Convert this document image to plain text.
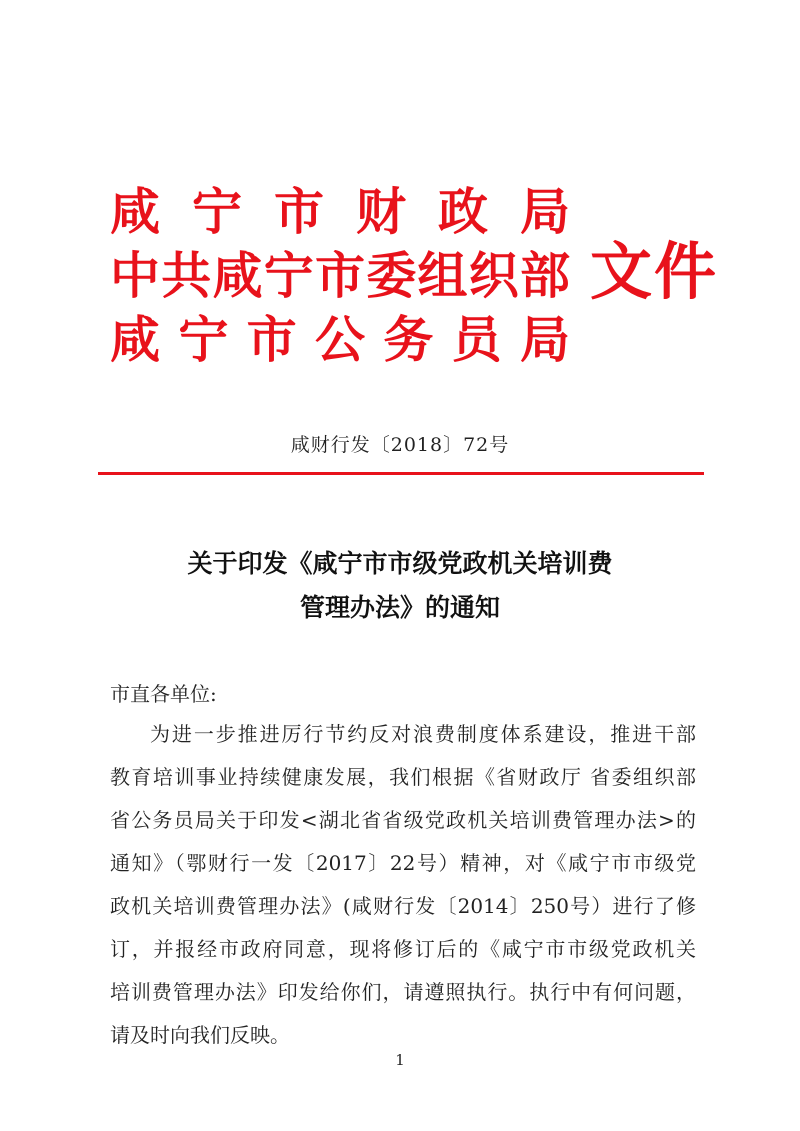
咸宁市财政局
中共咸宁市委组织部
咸宁市公务员局
文件
咸财行发〔2018〕72号
关于印发《咸宁市市级党政机关培训费
管理办法》的通知
市直各单位:
为进一步推进厉行节约反对浪费制度体系建设，推进干部
教育培训事业持续健康发展，我们根据《省财政厅 省委组织部
省公务员局关于印发<湖北省省级党政机关培训费管理办法>的
通知》（鄂财行一发〔2017〕22号）精神，对《咸宁市市级党
政机关培训费管理办法》(咸财行发〔2014〕250号）进行了修
订，并报经市政府同意，现将修订后的《咸宁市市级党政机关
培训费管理办法》印发给你们，请遵照执行。执行中有何问题，
请及时向我们反映。
1
